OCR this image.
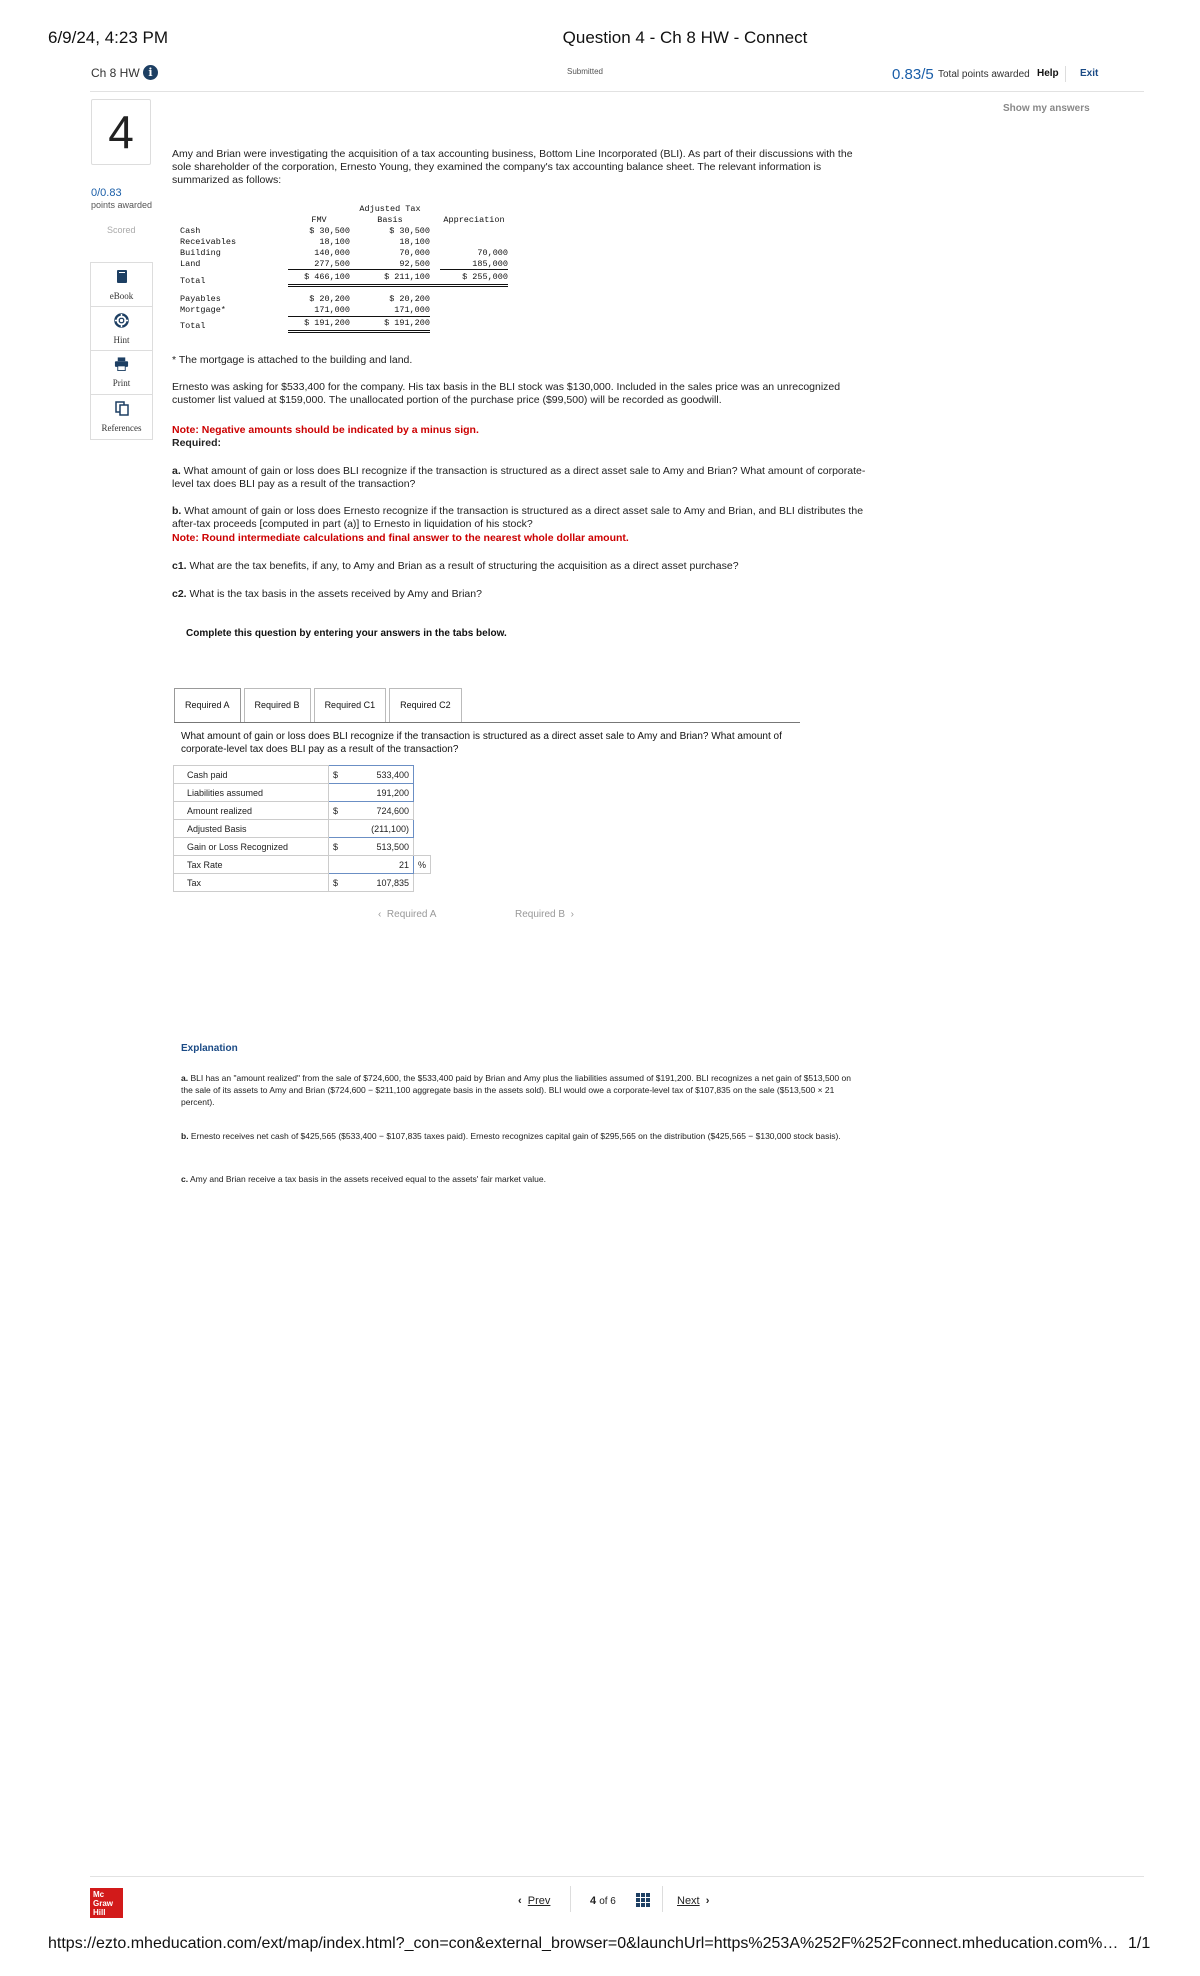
6/9/24, 4:23 PM	Question 4 - Ch 8 HW - Connect
Ch 8 HW i	Submitted	0.83/5 Total points awarded Help Exit
Show my answers
4
0/0.83
points awarded
Scored
eBook
Hint
Print
References
Amy and Brian were investigating the acquisition of a tax accounting business, Bottom Line Incorporated (BLI). As part of their discussions with the sole shareholder of the corporation, Ernesto Young, they examined the company's tax accounting balance sheet. The relevant information is summarized as follows:
		Adjusted Tax		
	FMV	Basis		Appreciation
Cash	$ 30,500	$ 30,500		
Receivables	18,100	18,100		
Building	140,000	70,000		70,000
Land	277,500	92,500		185,000
Total	$ 466,100	$ 211,100		$ 255,000

Payables	$ 20,200	$ 20,200		
Mortgage*	171,000	171,000		
Total	$ 191,200	$ 191,200		
* The mortgage is attached to the building and land.
Ernesto was asking for $533,400 for the company. His tax basis in the BLI stock was $130,000. Included in the sales price was an unrecognized customer list valued at $159,000. The unallocated portion of the purchase price ($99,500) will be recorded as goodwill.
Note: Negative amounts should be indicated by a minus sign.
Required:
a. What amount of gain or loss does BLI recognize if the transaction is structured as a direct asset sale to Amy and Brian? What amount of corporate-level tax does BLI pay as a result of the transaction?
b. What amount of gain or loss does Ernesto recognize if the transaction is structured as a direct asset sale to Amy and Brian, and BLI distributes the after-tax proceeds [computed in part (a)] to Ernesto in liquidation of his stock?
Note: Round intermediate calculations and final answer to the nearest whole dollar amount.
c1. What are the tax benefits, if any, to Amy and Brian as a result of structuring the acquisition as a direct asset purchase?
c2. What is the tax basis in the assets received by Amy and Brian?
Complete this question by entering your answers in the tabs below.
Required A	Required B	Required C1	Required C2
What amount of gain or loss does BLI recognize if the transaction is structured as a direct asset sale to Amy and Brian? What amount of corporate-level tax does BLI pay as a result of the transaction?
Cash paid	$	533,400	
Liabilities assumed		191,200	
Amount realized	$	724,600	
Adjusted Basis		(211,100)	
Gain or Loss Recognized	$	513,500	
Tax Rate		21	%
Tax	$	107,835	
‹ Required A	Required B ›
Explanation
a. BLI has an "amount realized" from the sale of $724,600, the $533,400 paid by Brian and Amy plus the liabilities assumed of $191,200. BLI recognizes a net gain of $513,500 on the sale of its assets to Amy and Brian ($724,600 − $211,100 aggregate basis in the assets sold). BLI would owe a corporate-level tax of $107,835 on the sale ($513,500 × 21 percent).
b. Ernesto receives net cash of $425,565 ($533,400 − $107,835 taxes paid). Ernesto recognizes capital gain of $295,565 on the distribution ($425,565 − $130,000 stock basis).
c. Amy and Brian receive a tax basis in the assets received equal to the assets' fair market value.
Mc Graw Hill
‹ Prev	4 of 6	Next ›
https://ezto.mheducation.com/ext/map/index.html?_con=con&external_browser=0&launchUrl=https%253A%252F%252Fconnect.mheducation.com%… 1/1
